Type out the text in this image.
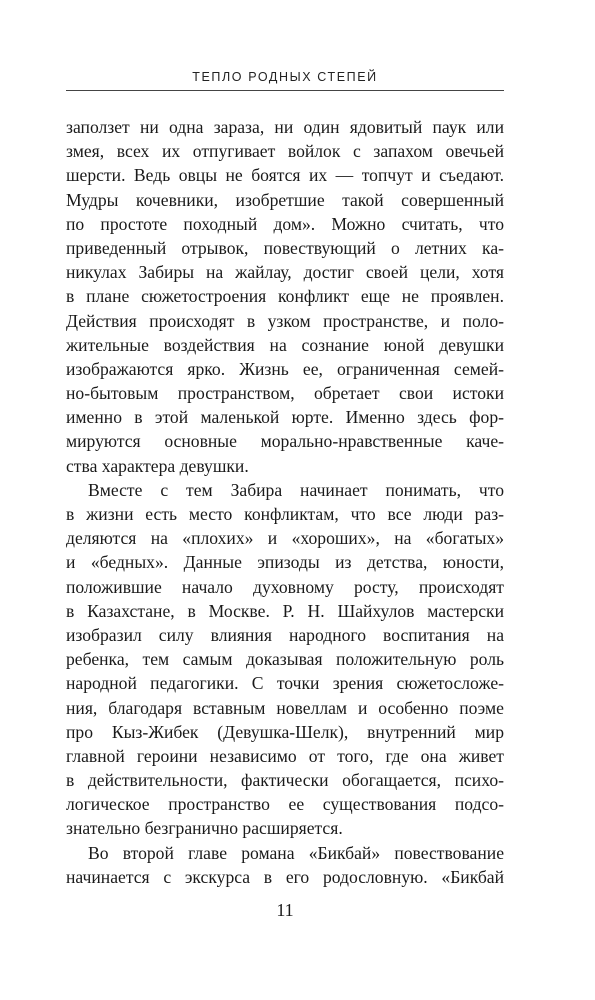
ТЕПЛО РОДНЫХ СТЕПЕЙ
заползет ни одна зараза, ни один ядовитый паук или
змея, всех их отпугивает войлок с запахом овечьей
шерсти. Ведь овцы не боятся их — топчут и съедают.
Мудры кочевники, изобретшие такой совершенный
по простоте походный дом». Можно считать, что
приведенный отрывок, повествующий о летних ка-
никулах Забиры на жайлау, достиг своей цели, хотя
в плане сюжетостроения конфликт еще не проявлен.
Действия происходят в узком пространстве, и поло-
жительные воздействия на сознание юной девушки
изображаются ярко. Жизнь ее, ограниченная семей-
но-бытовым пространством, обретает свои истоки
именно в этой маленькой юрте. Именно здесь фор-
мируются основные морально-нравственные каче-
ства характера девушки.
Вместе с тем Забира начинает понимать, что
в жизни есть место конфликтам, что все люди раз-
деляются на «плохих» и «хороших», на «богатых»
и «бедных». Данные эпизоды из детства, юности,
положившие начало духовному росту, происходят
в Казахстане, в Москве. Р. Н. Шайхулов мастерски
изобразил силу влияния народного воспитания на
ребенка, тем самым доказывая положительную роль
народной педагогики. С точки зрения сюжетосложе-
ния, благодаря вставным новеллам и особенно поэме
про Кыз-Жибек (Девушка-Шелк), внутренний мир
главной героини независимо от того, где она живет
в действительности, фактически обогащается, психо-
логическое пространство ее существования подсо-
знательно безгранично расширяется.
Во второй главе романа «Бикбай» повествование
начинается с экскурса в его родословную. «Бикбай
11
